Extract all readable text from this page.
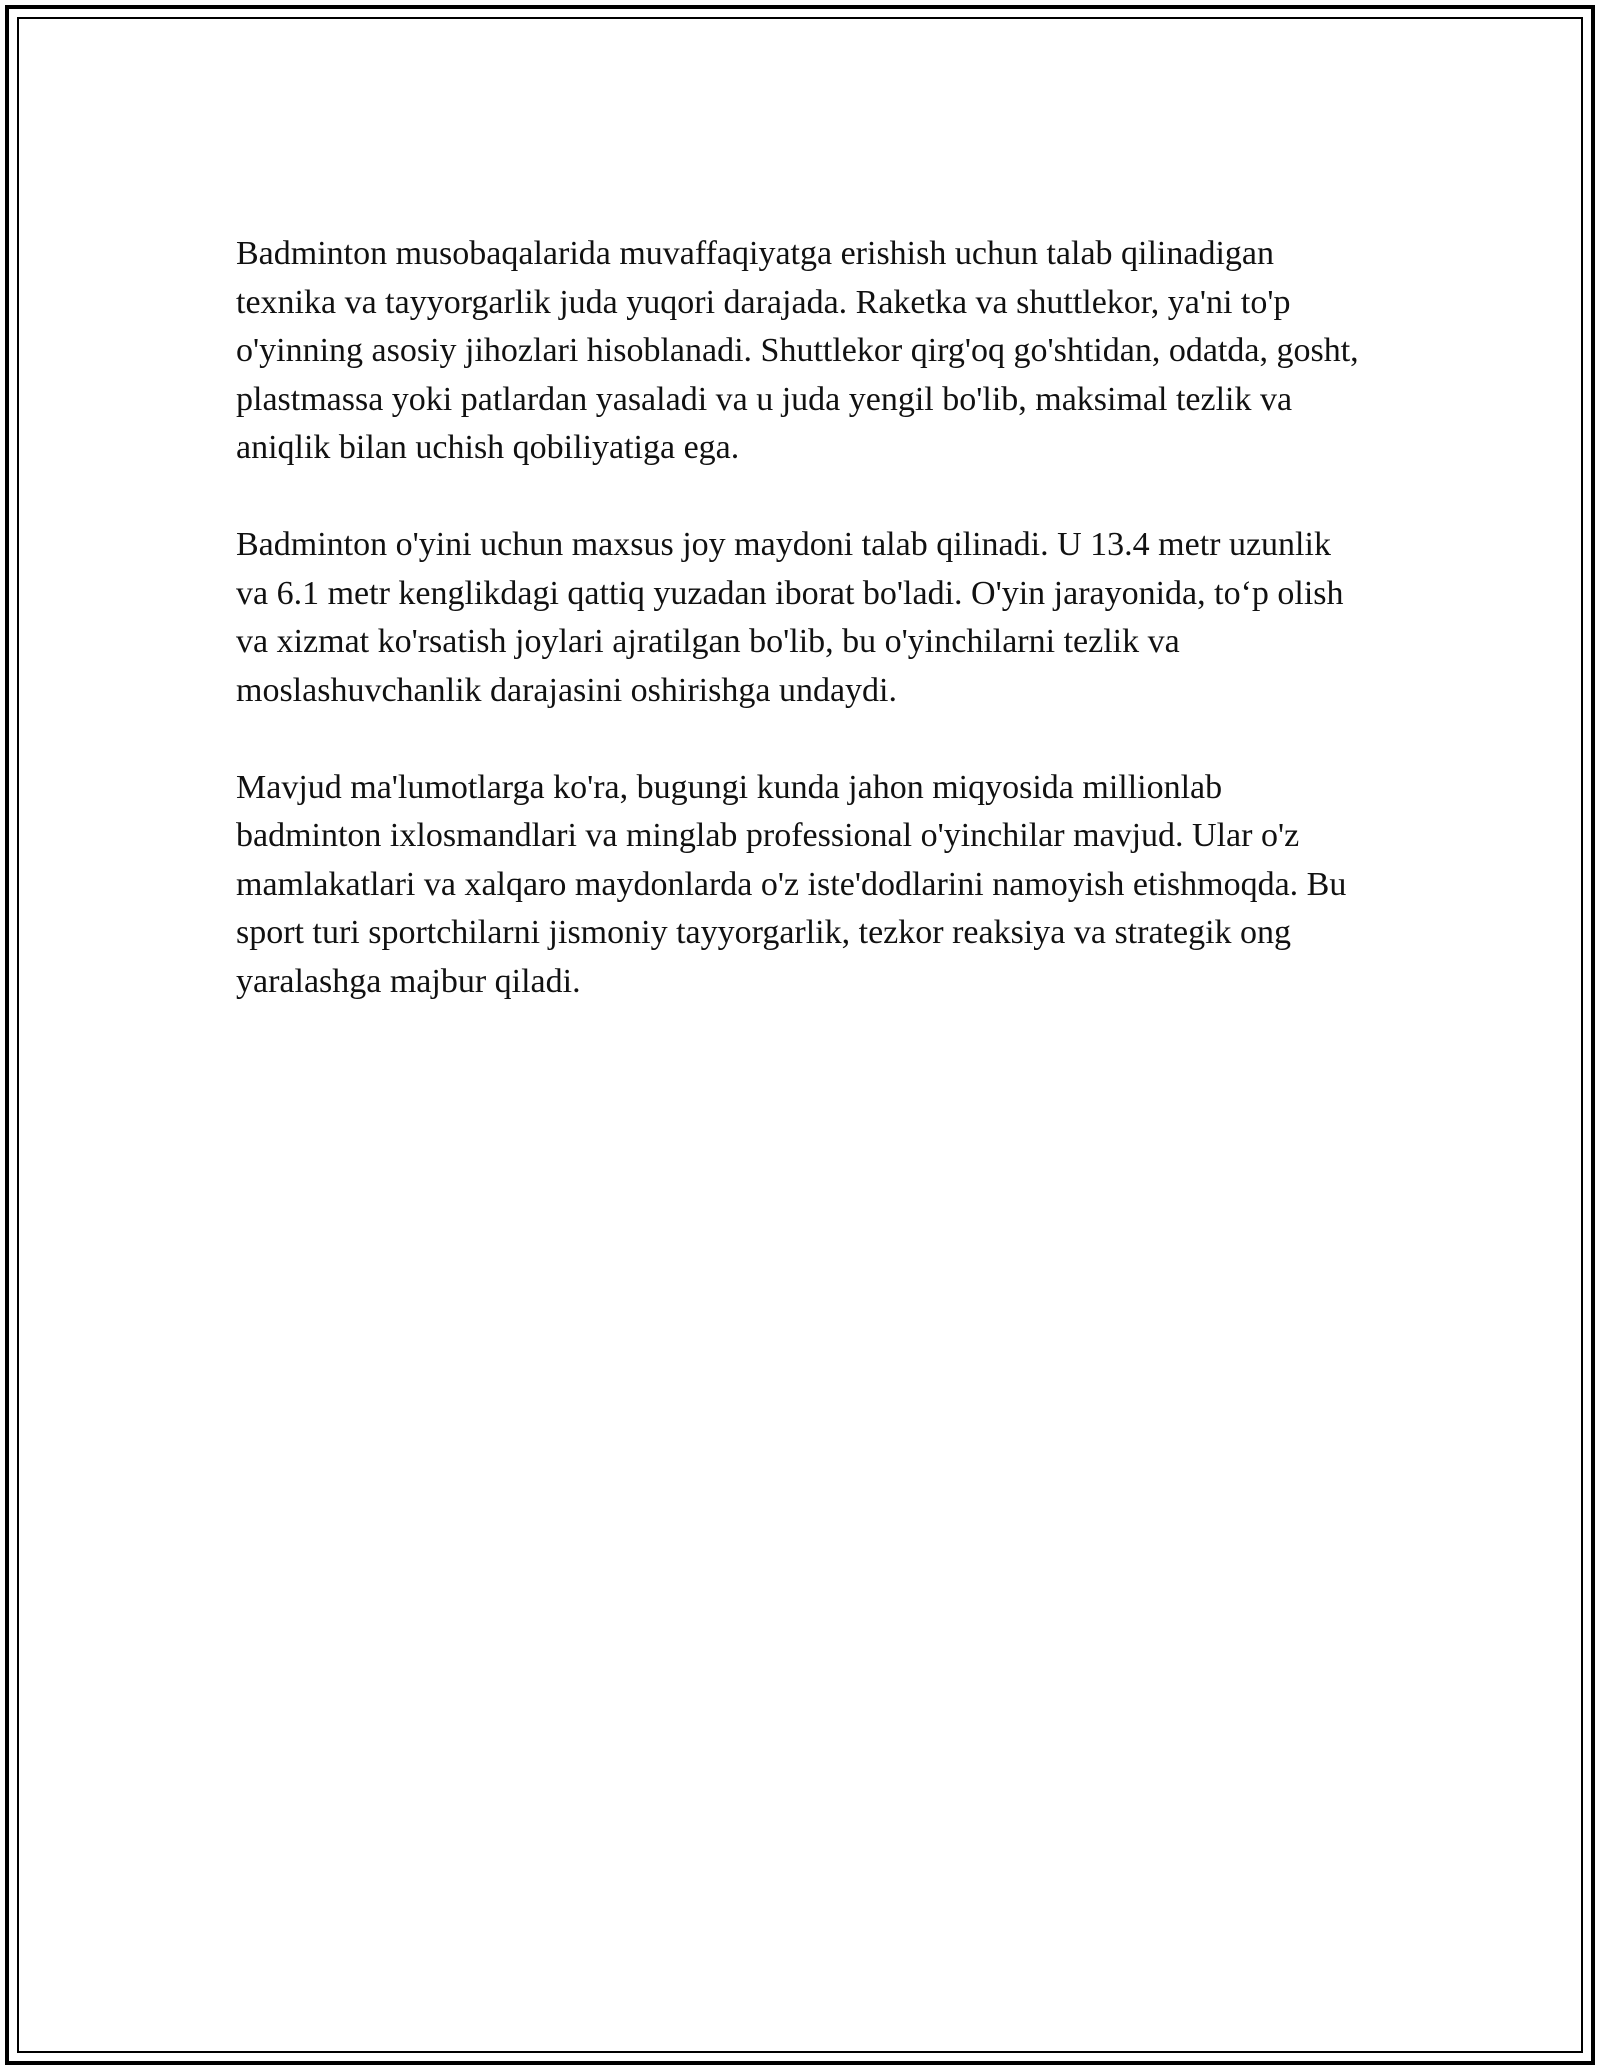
Badminton musobaqalarida muvaffaqiyatga erishish uchun talab qilinadigan texnika va tayyorgarlik juda yuqori darajada. Raketka va shuttlekor, ya'ni to'p o'yinning asosiy jihozlari hisoblanadi. Shuttlekor qirg'oq go'shtidan, odatda, gosht, plastmassa yoki patlardan yasaladi va u juda yengil bo'lib, maksimal tezlik va aniqlik bilan uchish qobiliyatiga ega.

Badminton o'yini uchun maxsus joy maydoni talab qilinadi. U 13.4 metr uzunlik va 6.1 metr kenglikdagi qattiq yuzadan iborat bo'ladi. O'yin jarayonida, to‘p olish va xizmat ko'rsatish joylari ajratilgan bo'lib, bu o'yinchilarni tezlik va moslashuvchanlik darajasini oshirishga undaydi.

Mavjud ma'lumotlarga ko'ra, bugungi kunda jahon miqyosida millionlab badminton ixlosmandlari va minglab professional o'yinchilar mavjud. Ular o'z mamlakatlari va xalqaro maydonlarda o'z iste'dodlarini namoyish etishmoqda. Bu sport turi sportchilarni jismoniy tayyorgarlik, tezkor reaksiya va strategik ong yaralashga majbur qiladi.
